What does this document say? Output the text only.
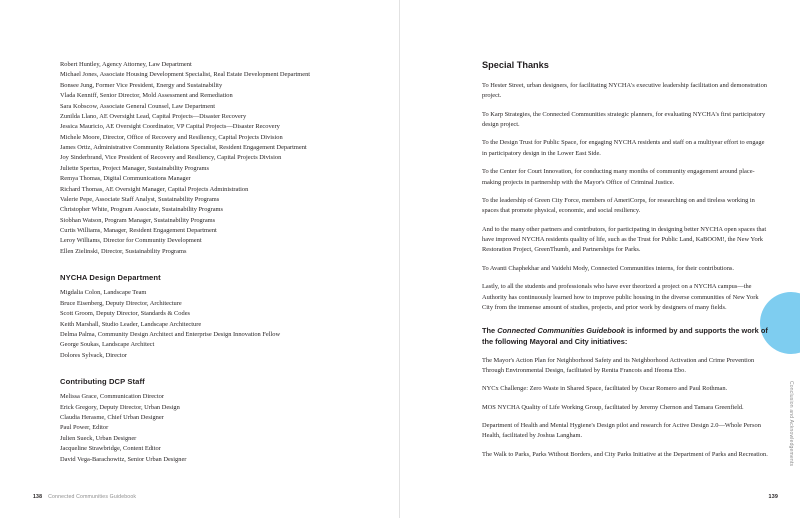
Robert Huntley, Agency Attorney, Law Department
Michael Jones, Associate Housing Development Specialist, Real Estate Development Department
Bonsee Jung, Former Vice President, Energy and Sustainability
Vlada Kenniff, Senior Director, Mold Assessment and Remediation
Sara Kobscow, Associate General Counsel, Law Department
Zunilda Llano, AE Oversight Lead, Capital Projects—Disaster Recovery
Jessica Mauricio, AE Oversight Coordinator, VP Capital Projects—Disaster Recovery
Michele Moore, Director, Office of Recovery and Resiliency, Capital Projects Division
James Ortiz, Administrative Community Relations Specialist, Resident Engagement Department
Joy Sinderbrand, Vice President of Recovery and Resiliency, Capital Projects Division
Juliette Spertus, Project Manager, Sustainability Programs
Remya Thomas, Digital Communications Manager
Richard Thomas, AE Oversight Manager, Capital Projects Administration
Valerie Pepe, Associate Staff Analyst, Sustainability Programs
Christopher White, Program Associate, Sustainability Programs
Siobhan Watson, Program Manager, Sustainability Programs
Curtis Williams, Manager, Resident Engagement Department
Leroy Williams, Director for Community Development
Ellen Zielinski, Director, Sustainability Programs
NYCHA Design Department
Migdalia Colon, Landscape Team
Bruce Eisenberg, Deputy Director, Architecture
Scott Groom, Deputy Director, Standards & Codes
Keith Marshall, Studio Leader, Landscape Architecture
Delma Palma, Community Design Architect and Enterprise Design Innovation Fellow
George Soukas, Landscape Architect
Dolores Sylvack, Director
Contributing DCP Staff
Melissa Grace, Communication Director
Erick Gregory, Deputy Director, Urban Design
Claudia Herasme, Chief Urban Designer
Paul Power, Editor
Julien Sueck, Urban Designer
Jacqueline Strawbridge, Content Editor
David Vega-Barachowitz, Senior Urban Designer
138 Connected Communities Guidebook
Special Thanks

To Hester Street, urban designers, for facilitating NYCHA's executive leadership facilitation and demonstration project.

To Karp Strategies, the Connected Communities strategic planners, for evaluating NYCHA's first participatory design project.

To the Design Trust for Public Space, for engaging NYCHA residents and staff on a multiyear effort to engage in participatory design in the Lower East Side.

To the Center for Court Innovation, for conducting many months of community engagement around place-making projects in partnership with the Mayor's Office of Criminal Justice.

To the leadership of Green City Force, members of AmeriCorps, for researching on and tireless working in spaces that promote physical, economic, and social resiliency.

And to the many other partners and contributors, for participating in designing better NYCHA open spaces that have improved NYCHA residents quality of life, such as the Trust for Public Land, KaBOOM!, the New York Restoration Project, GreenThumb, and Partnerships for Parks.

To Avanti Chaphekhar and Vaidehi Mody, Connected Communities interns, for their contributions.

Lastly, to all the students and professionals who have ever theorized a project on a NYCHA campus—the Authority has continuously learned how to improve public housing in the diverse communities of New York City from the immense amount of studies, projects, and prior work by designers of many fields.

The Connected Communities Guidebook is informed by and supports the work of the following Mayoral and City initiatives:

The Mayor's Action Plan for Neighborhood Safety and its Neighborhood Activation and Crime Prevention Through Environmental Design, facilitated by Renita Francois and Ifeoma Ebo.

NYCx Challenge: Zero Waste in Shared Space, facilitated by Oscar Romero and Paul Rothman.

MOS NYCHA Quality of Life Working Group, facilitated by Jeremy Chernon and Tamara Greenfield.

Department of Health and Mental Hygiene's Design pilot and research for Active Design 2.0—Whole Person Health, facilitated by Joshua Langham.

The Walk to Parks, Parks Without Borders, and City Parks Initiative at the Department of Parks and Recreation.	Conclusion and Acknowledgements
139
